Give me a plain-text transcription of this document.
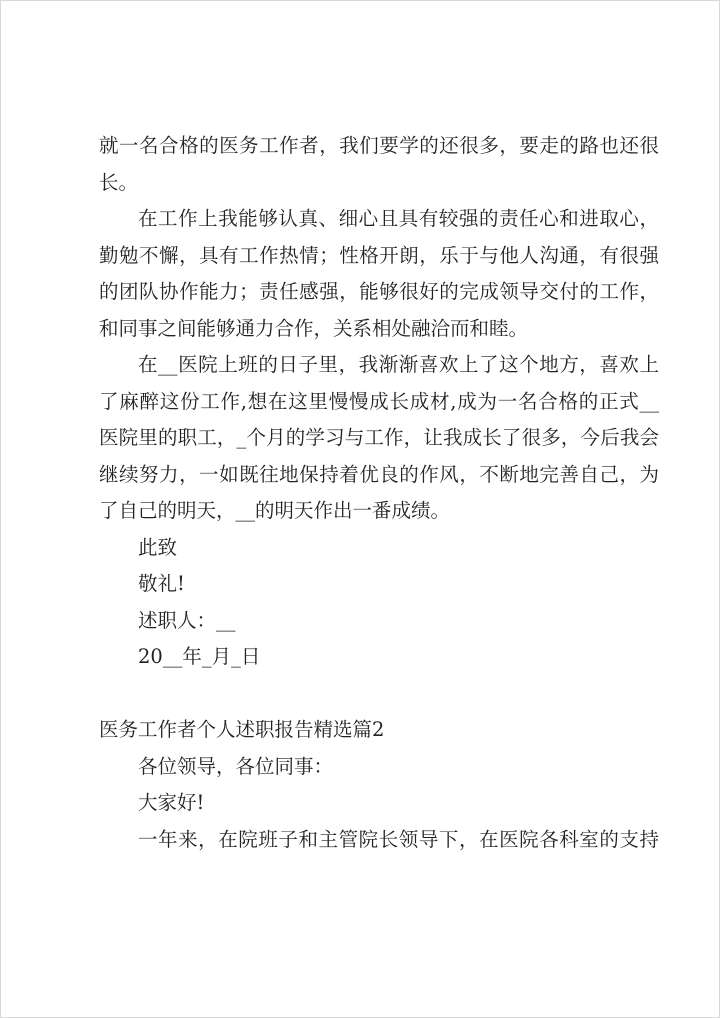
就一名合格的医务工作者，我们要学的还很多，要走的路也还很
长。
在工作上我能够认真、细心且具有较强的责任心和进取心，
勤勉不懈，具有工作热情；性格开朗，乐于与他人沟通，有很强
的团队协作能力；责任感强，能够很好的完成领导交付的工作，
和同事之间能够通力合作，关系相处融洽而和睦。
在__医院上班的日子里，我渐渐喜欢上了这个地方，喜欢上
了麻醉这份工作,想在这里慢慢成长成材,成为一名合格的正式__
医院里的职工，_个月的学习与工作，让我成长了很多，今后我会
继续努力，一如既往地保持着优良的作风，不断地完善自己，为
了自己的明天，__的明天作出一番成绩。
此致
敬礼!
述职人：__
20__年_月_日
医务工作者个人述职报告精选篇2
各位领导，各位同事：
大家好!
一年来，在院班子和主管院长领导下，在医院各科室的支持
